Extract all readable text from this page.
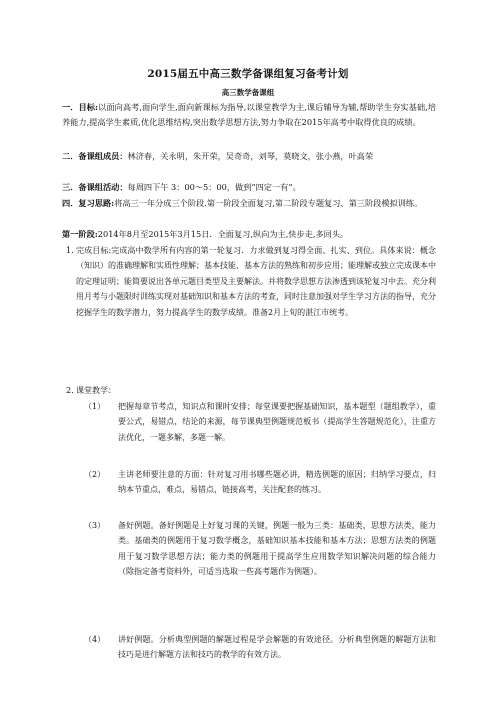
2015届五中高三数学备课组复习备考计划
高三数学备课组
一．目标:以面向高考,面向学生,面向新课标为指导,以课堂教学为主,课后辅导为辅,帮助学生夯实基础,培养能力,提高学生素质,优化思维结构,突出数学思想方法,努力争取在2015年高考中取得优良的成绩。
二．备课组成员：林济春，关永明，朱开荣，吴奇奇，刘琴，莫晓文，张小燕，叶高荣
三．备课组活动：每周四下午 3：00～5：00，做到“四定一有”。
四．复习思路:将高三一年分成三个阶段.第一阶段全面复习,第二阶段专题复习、第三阶段模拟训练。
第一阶段:2014年8月至2015年3月15日．全面复习,纵向为主,快步走,多回头。
1. 完成目标:完成高中数学所有内容的第一轮复习．力求做到复习得全面、扎实、到位。具体来说：概念（知识）的准确理解和实质性理解；基本技能、基本方法的熟练和初步应用；能理解或独立完成课本中的定理证明；能简要说出各单元题目类型及主要解法。并将数学思想方法渗透到该轮复习中去。充分利用月考与小题限时训练实现对基础知识和基本方法的考查，同时注意加强对学生学习方法的指导，充分挖掘学生的数学潜力，努力提高学生的数学成绩。准备2月上旬的湛江市统考。
2. 课堂教学：
（1） 把握每章节考点，知识点和课时安排；每堂课要把握基础知识，基本题型（题组教学），重要公式，易错点，结论的来源，每节课典型例题规范板书（提高学生答题规范化），注重方法优化，一题多解，多题一解。
（2） 主讲老师要注意的方面：针对复习用书哪些题必讲，精选例题的原因；归纳学习要点，归纳本节重点，难点，易错点，链接高考，关注配套的练习。
（3） 备好例题。备好例题是上好复习课的关键，例题一般为三类：基础类，思想方法类，能力类。基础类的例题用于复习数学概念，基础知识基本技能和基本方法；思想方法类的例题用于复习数学思想方法；能力类的例题用于提高学生应用数学知识解决问题的综合能力（除指定备考资料外，可适当选取一些高考题作为例题）。
（4） 讲好例题。分析典型例题的解题过程是学会解题的有效途径。分析典型例题的解题方法和技巧是进行解题方法和技巧的教学的有效方法。
